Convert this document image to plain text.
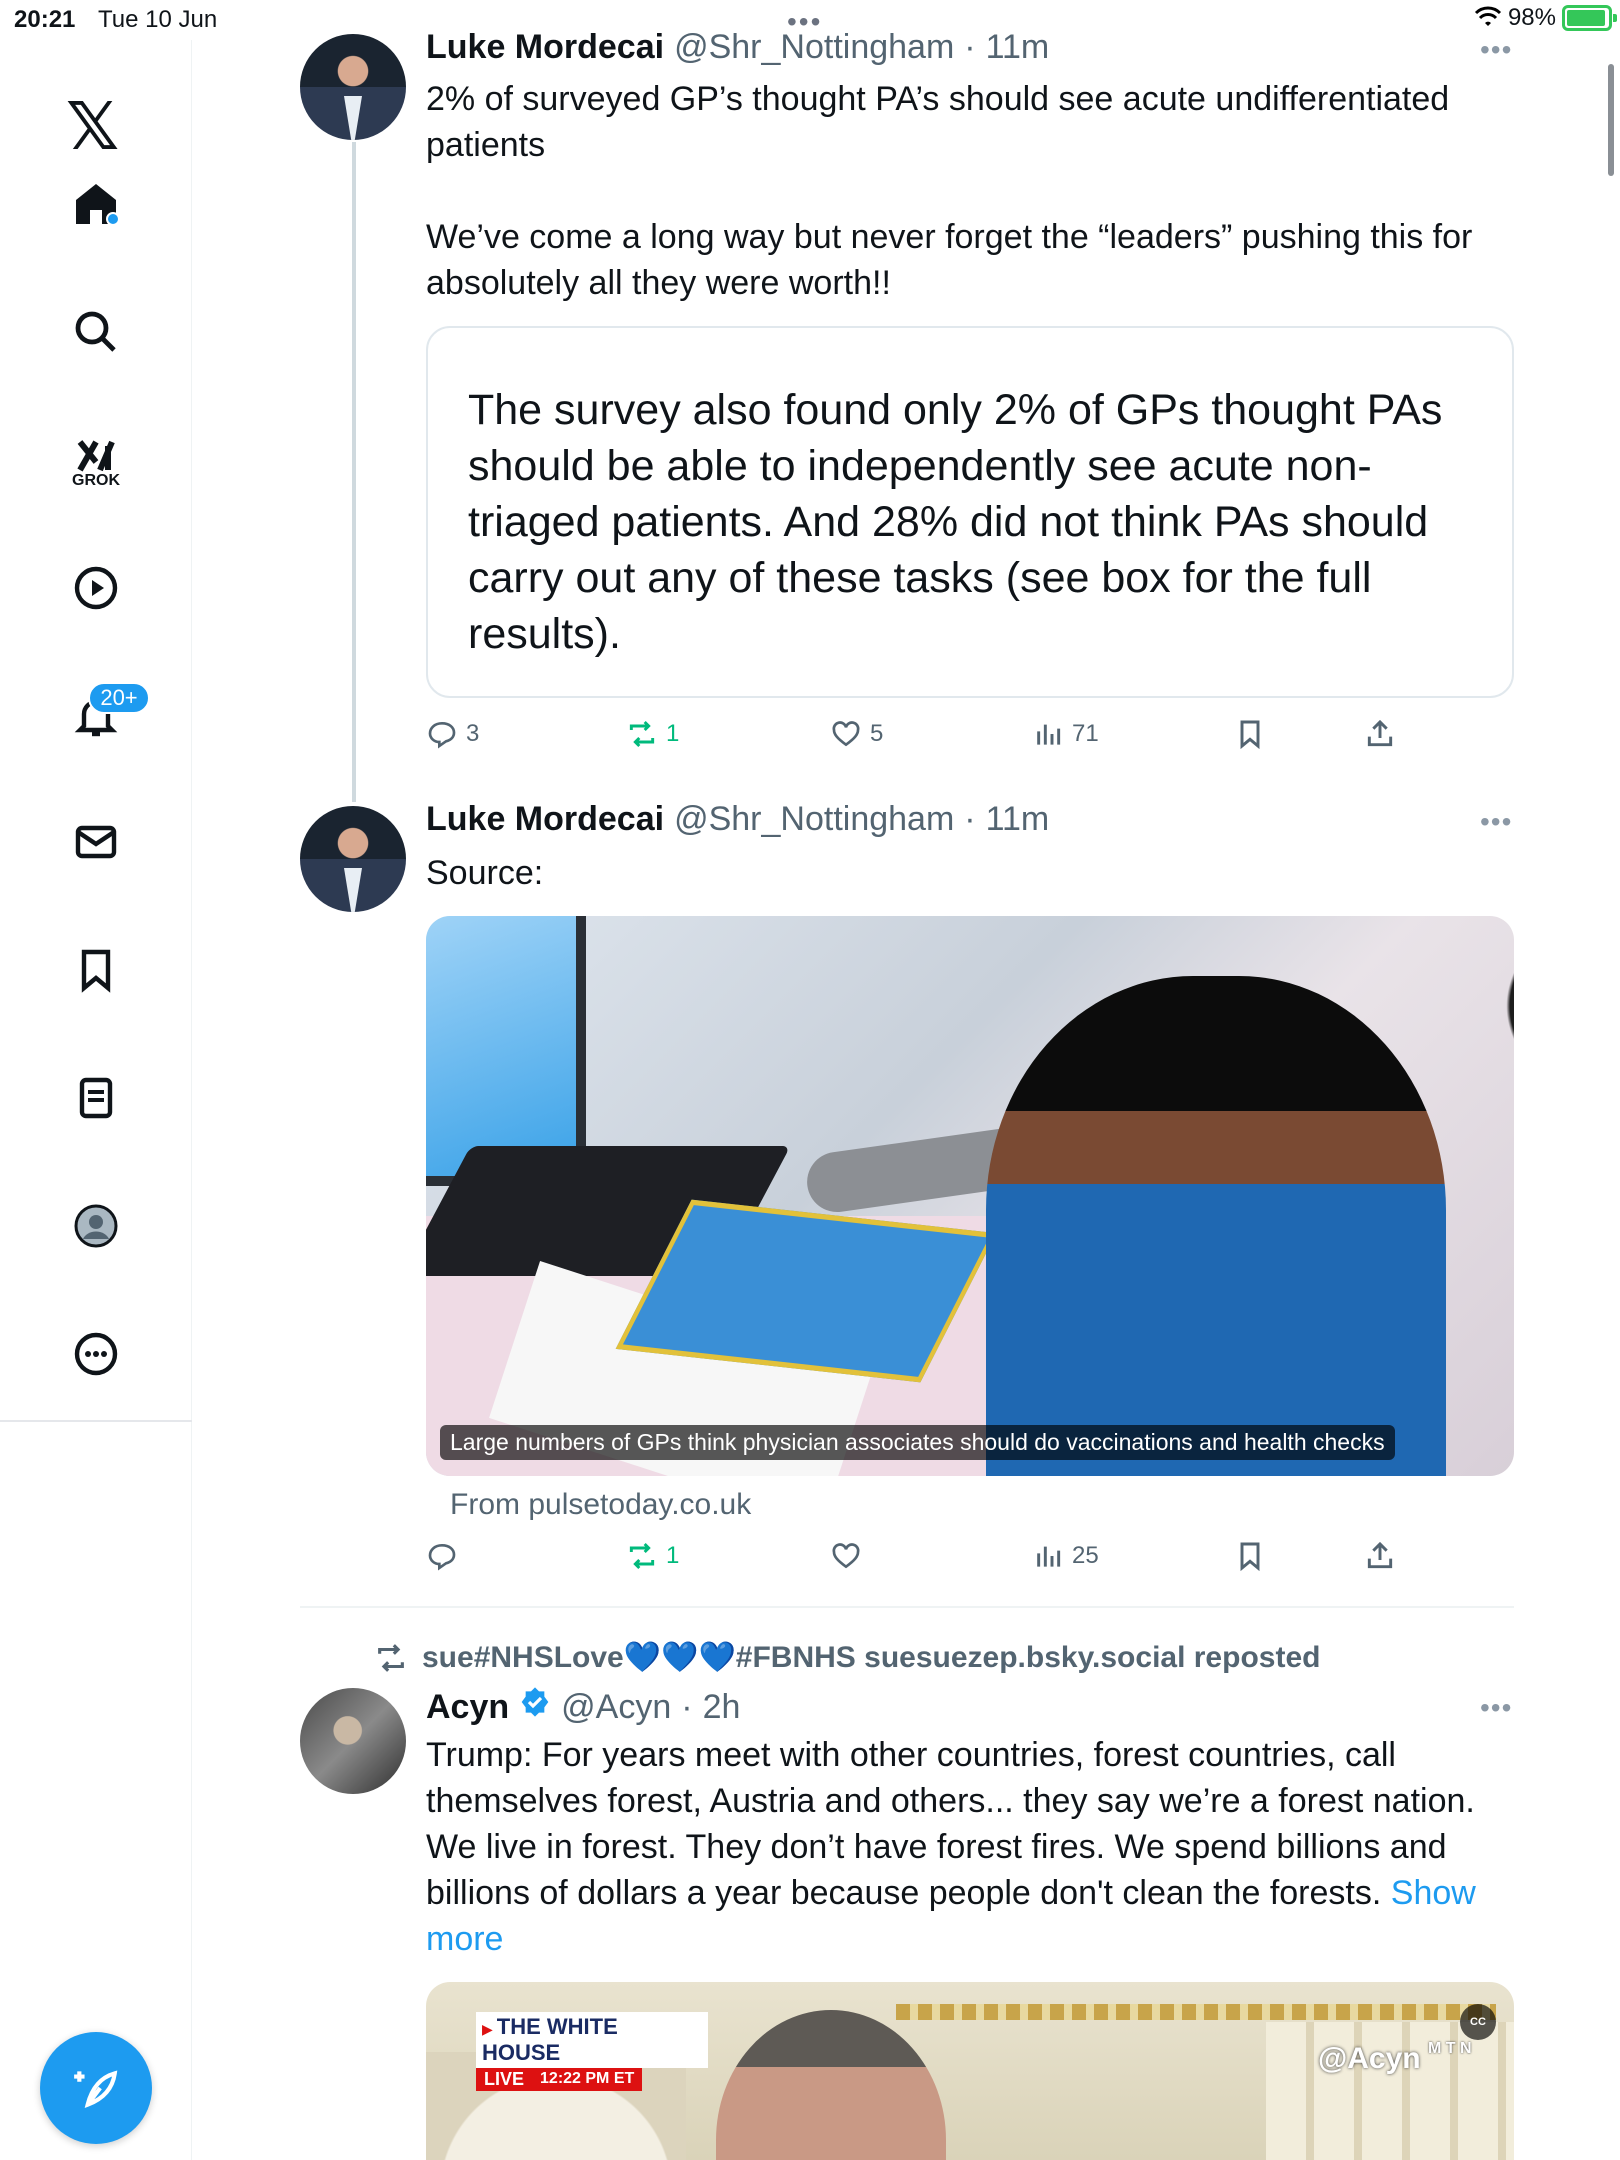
20:21 Tue 10 Jun	•••	98%
𝕏
GROK
20+
Luke Mordecai @Shr_Nottingham · 11m	•••
2% of surveyed GP’s thought PA’s should see acute undifferentiated
patients
We’ve come a long way but never forget the “leaders” pushing this for
absolutely all they were worth!!
The survey also found only 2% of GPs thought PAs should be able to independently see acute non-triaged patients. And 28% did not think PAs should carry out any of these tasks (see box for the full results).
3	1	5	71
Luke Mordecai @Shr_Nottingham · 11m	•••
Source:
Large numbers of GPs think physician associates should do vaccinations and health checks
From pulsetoday.co.uk
1	25
sue#NHSLove💙💙💙#FBNHS suesuezep.bsky.social reposted
Acyn @Acyn · 2h	•••
Trump: For years meet with other countries, forest countries, call
themselves forest, Austria and others... they say we’re a forest nation.
We live in forest. They don’t have forest fires. We spend billions and
billions of dollars a year because people don't clean the forests. Show
more
▶ THE WHITE HOUSE
LIVE	12:22 PM ET
@Acyn M T N
CC
